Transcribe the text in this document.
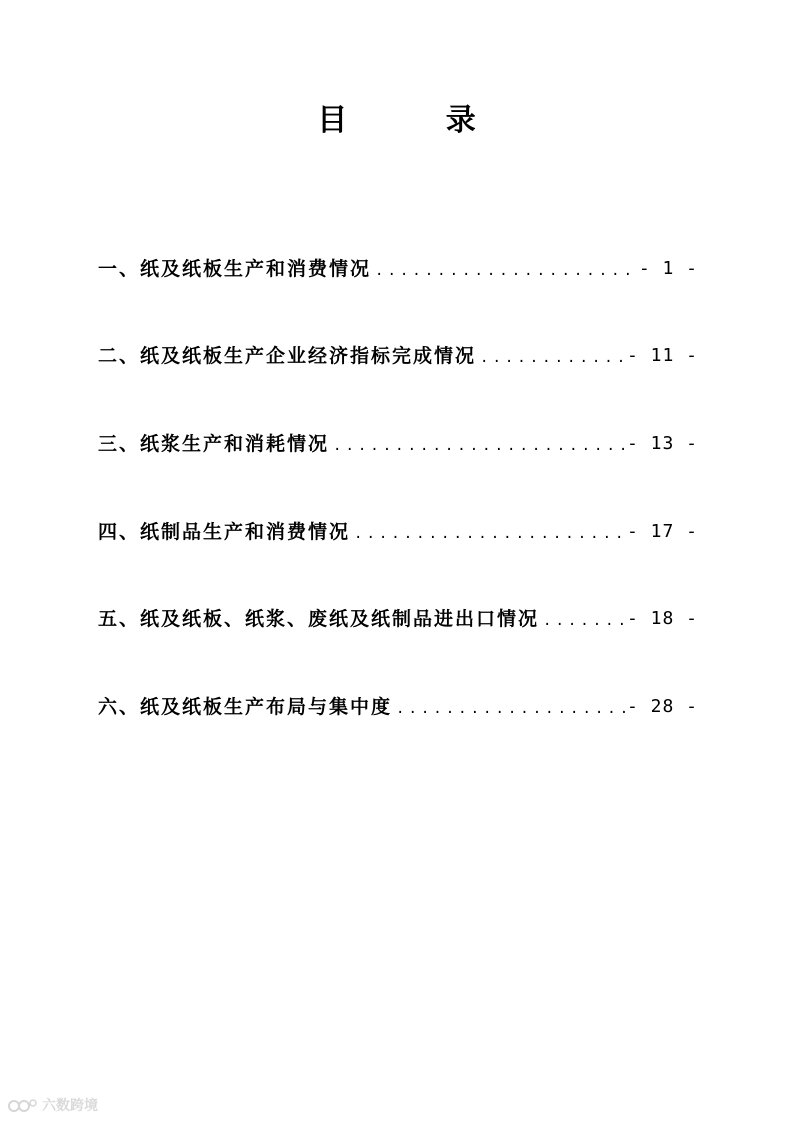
目 录
一、纸及纸板生产和消费情况 .....	- 1 -
二、纸及纸板生产企业经济指标完成情况 .....	- 11 -
三、纸浆生产和消耗情况 .....	- 13 -
四、纸制品生产和消费情况 .....	- 17 -
五、纸及纸板、纸浆、废纸及纸制品进出口情况 .....	- 18 -
六、纸及纸板生产布局与集中度 .....	- 28 -
六数跨境
